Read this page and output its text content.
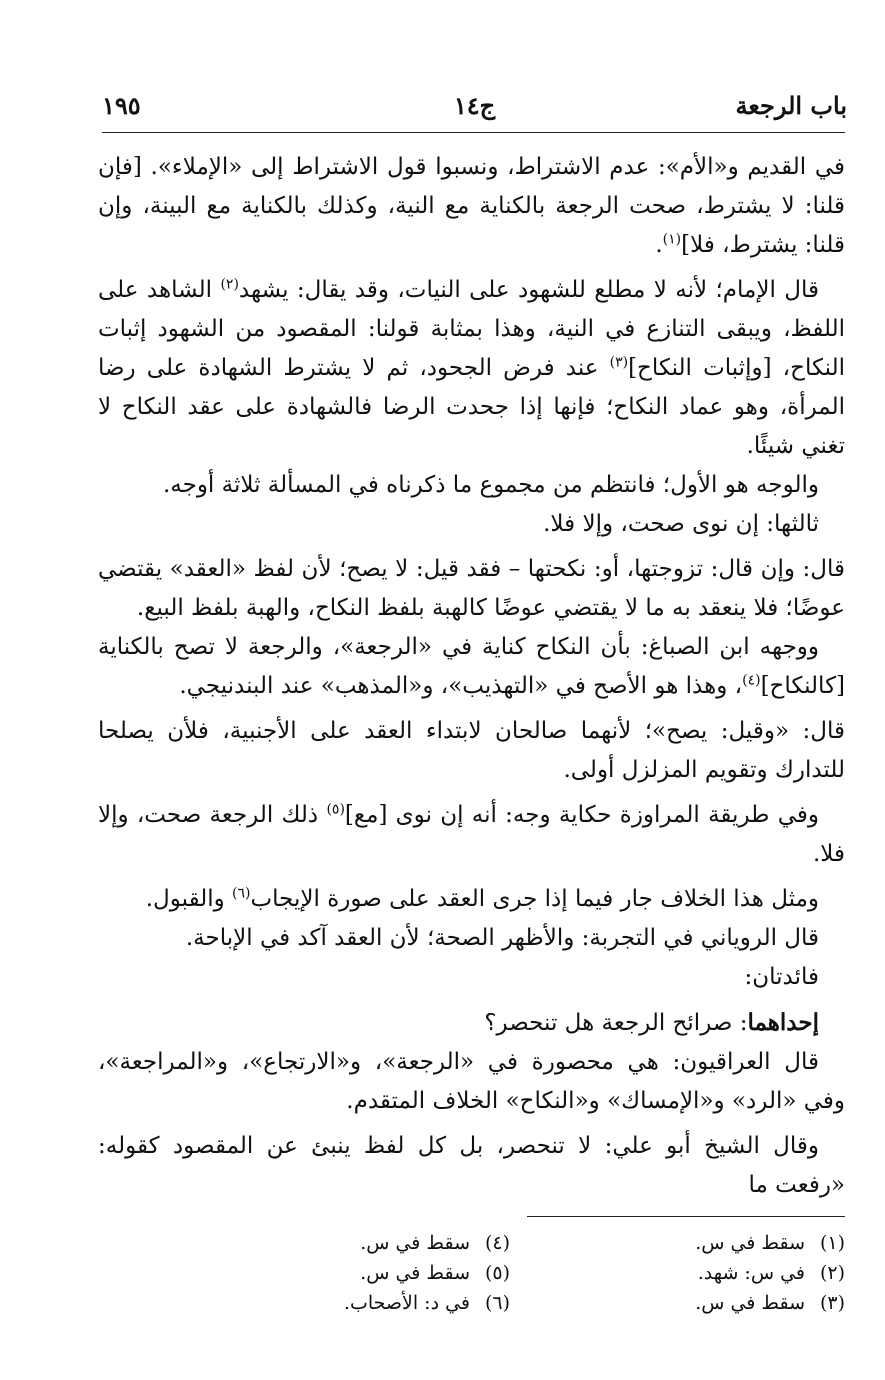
باب الرجعة
ج١٤
١٩٥

في القديم و«الأم»: عدم الاشتراط، ونسبوا قول الاشتراط إلى «الإملاء». [فإن قلنا: لا يشترط، صحت الرجعة بالكناية مع النية، وكذلك بالكناية مع البينة، وإن قلنا: يشترط، فلا]$^{(١)}$.

قال الإمام؛ لأنه لا مطلع للشهود على النيات، وقد يقال: يشهد$^{(٢)}$ الشاهد على اللفظ، ويبقى التنازع في النية، وهذا بمثابة قولنا: المقصود من الشهود إثبات النكاح، [وإثبات النكاح]$^{(٣)}$ عند فرض الجحود، ثم لا يشترط الشهادة على رضا المرأة، وهو عماد النكاح؛ فإنها إذا جحدت الرضا فالشهادة على عقد النكاح لا تغني شيئًا.

والوجه هو الأول؛ فانتظم من مجموع ما ذكرناه في المسألة ثلاثة أوجه.

ثالثها: إن نوى صحت، وإلا فلا.

قال: وإن قال: تزوجتها، أو: نكحتها – فقد قيل: لا يصح؛ لأن لفظ «العقد» يقتضي عوضًا؛ فلا ينعقد به ما لا يقتضي عوضًا كالهبة بلفظ النكاح، والهبة بلفظ البيع.

ووجهه ابن الصباغ: بأن النكاح كناية في «الرجعة»، والرجعة لا تصح بالكناية [كالنكاح]$^{(٤)}$، وهذا هو الأصح في «التهذيب»، و«المذهب» عند البندنيجي.

قال: «وقيل: يصح»؛ لأنهما صالحان لابتداء العقد على الأجنبية، فلأن يصلحا للتدارك وتقويم المزلزل أولى.

وفي طريقة المراوزة حكاية وجه: أنه إن نوى [مع]$^{(٥)}$ ذلك الرجعة صحت، وإلا فلا.

ومثل هذا الخلاف جار فيما إذا جرى العقد على صورة الإيجاب$^{(٦)}$ والقبول.

قال الروياني في التجربة: والأظهر الصحة؛ لأن العقد آكد في الإباحة.

فائدتان:

إحداهما: صرائح الرجعة هل تنحصر؟

قال العراقيون: هي محصورة في «الرجعة»، و«الارتجاع»، و«المراجعة»، وفي «الرد» و«الإمساك» و«النكاح» الخلاف المتقدم.

وقال الشيخ أبو علي: لا تنحصر، بل كل لفظ ينبئ عن المقصود كقوله: «رفعت ما

(١)سقط في س.
(٢)في س: شهد.
(٣)سقط في س.
(٤)سقط في س.
(٥)سقط في س.
(٦)في د: الأصحاب.
